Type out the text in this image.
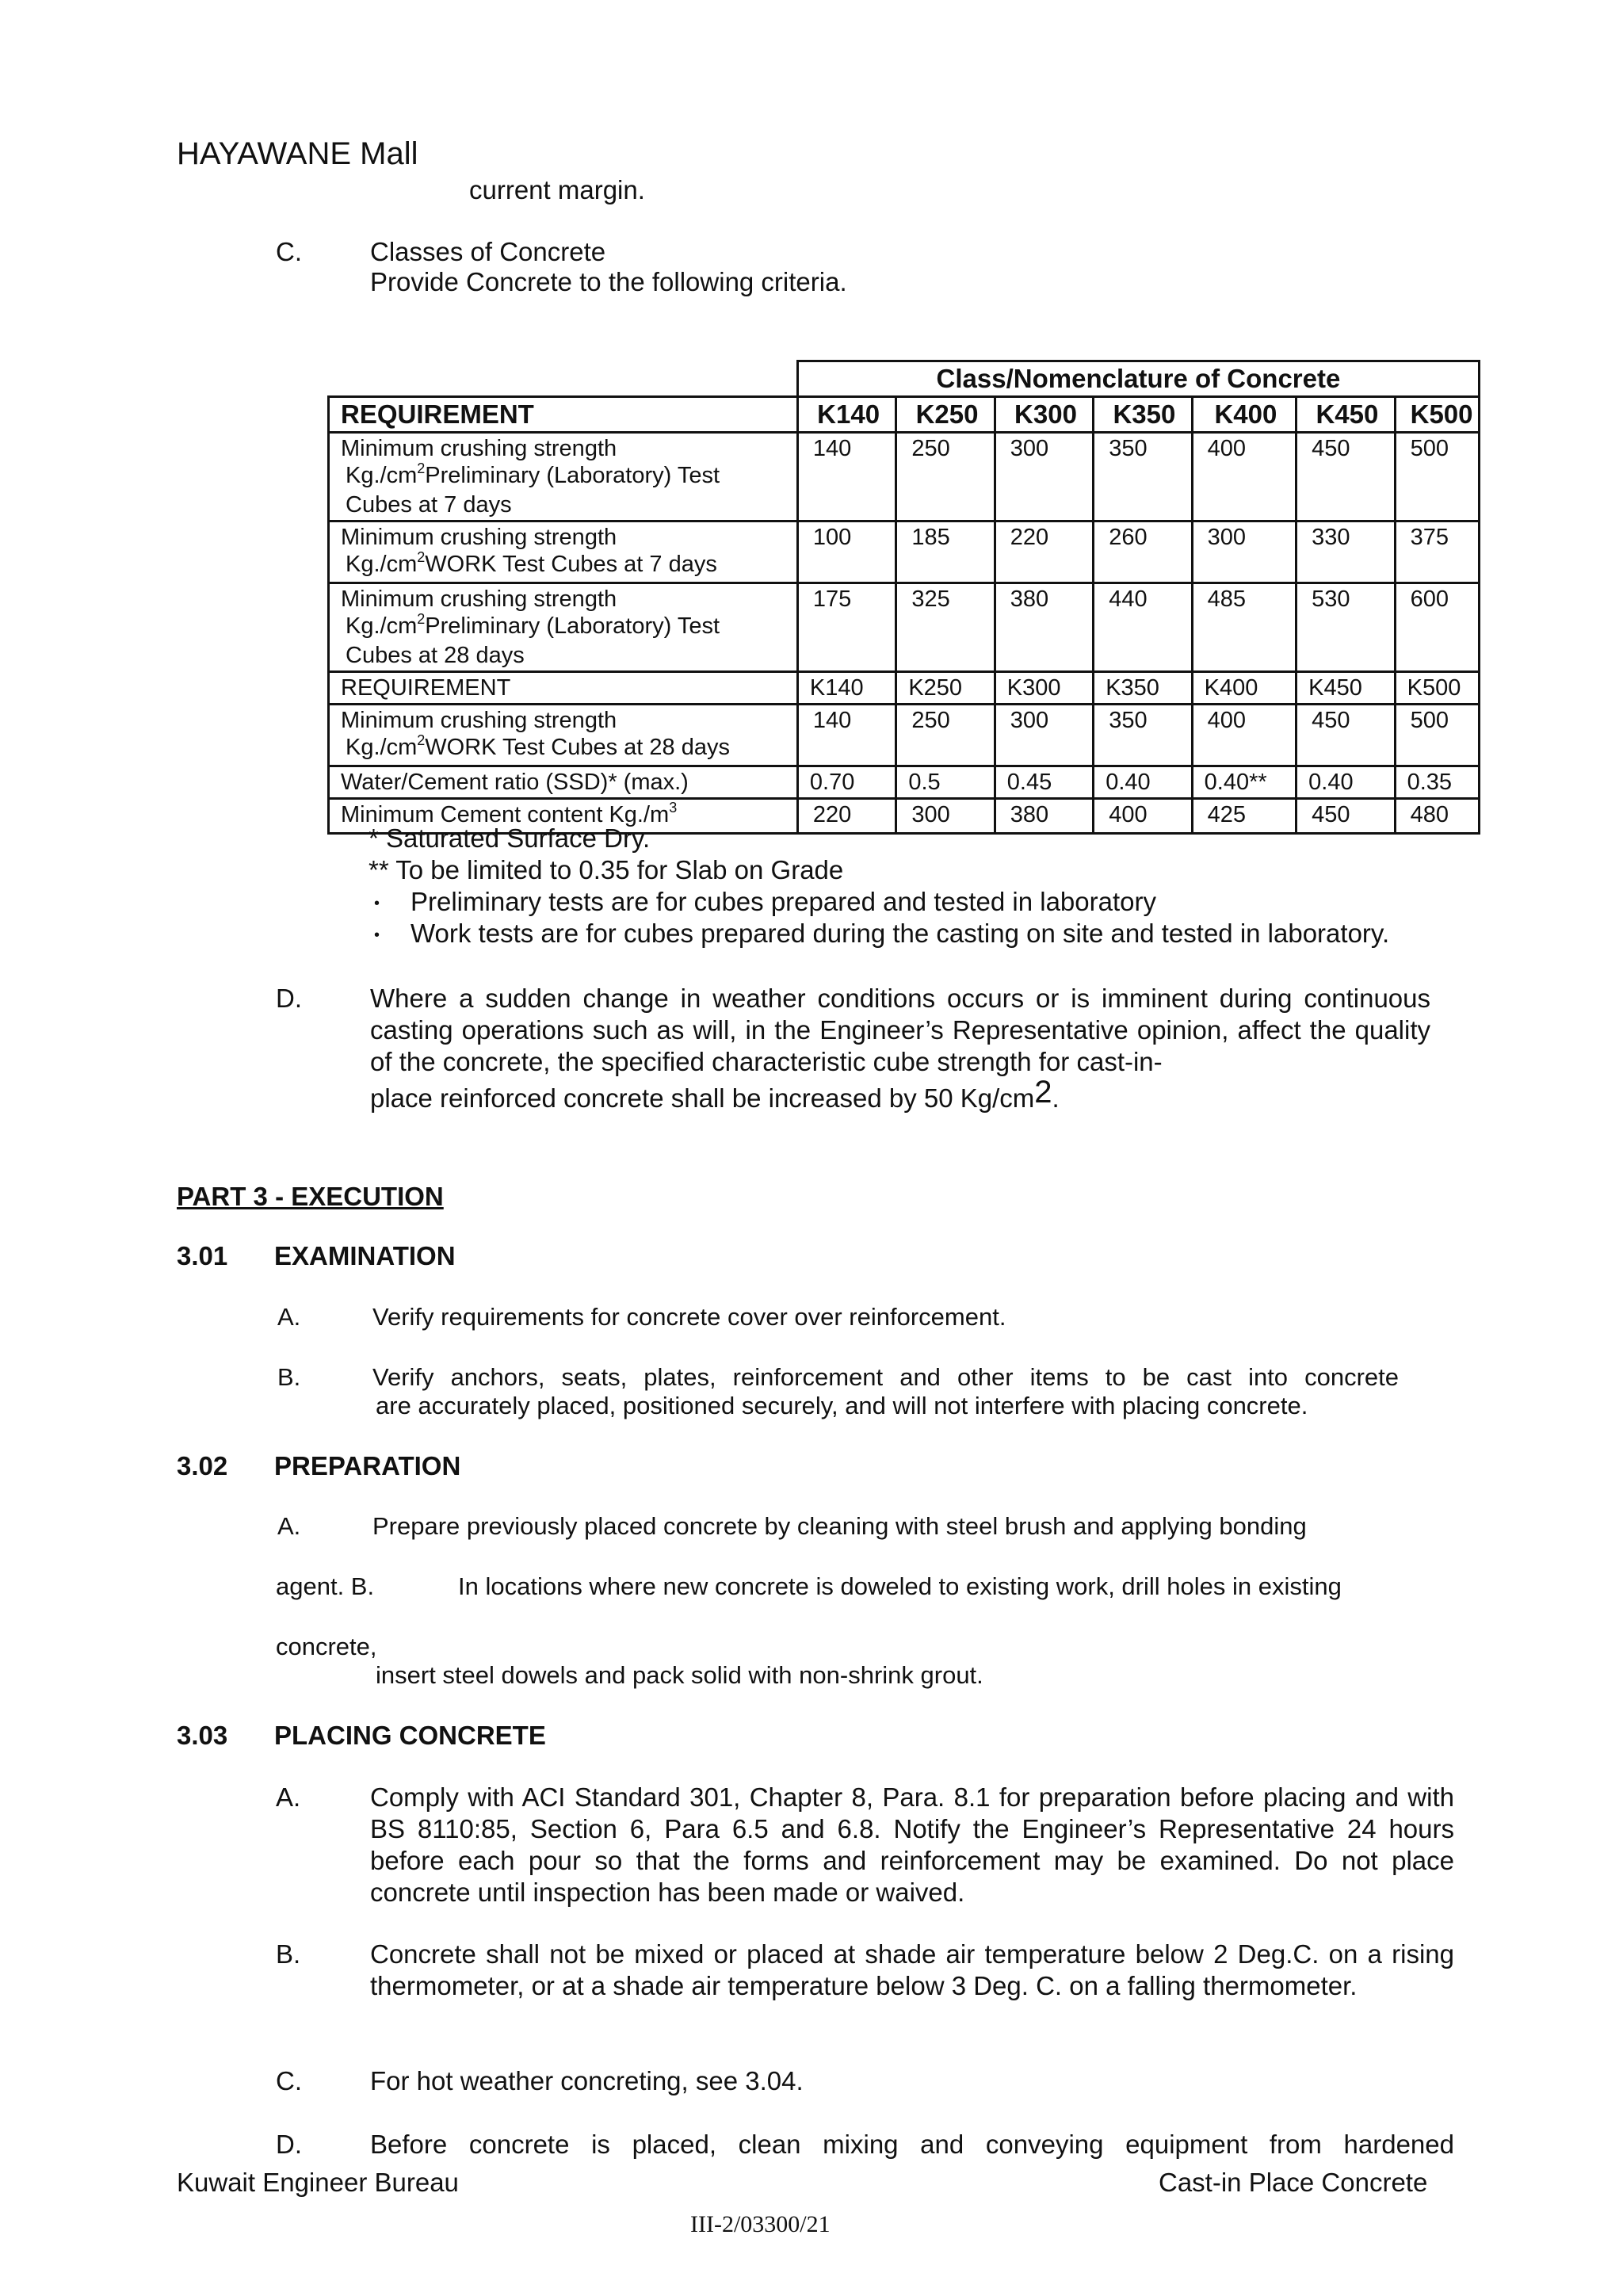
HAYAWANE Mall
current margin.
C.	Classes of Concrete
Provide Concrete to the following criteria.
	Class/Nomenclature of Concrete						
REQUIREMENT	K140	K250	K300	K350	K400	K450	K500

Minimum crushing strength
$Kg./cm^2Preliminary$ (Laboratory) Test Cubes at 7 days	140	250	300	350	400	450	500

Minimum crushing strength
$Kg./cm^2WORK$ Test Cubes at 7 days	100	185	220	260	300	330	375

Minimum crushing strength
$Kg./cm^2Preliminary$ (Laboratory) Test Cubes at 28 days	175	325	380	440	485	530	600
REQUIREMENT	K140	K250	K300	K350	K400	K450	K500

Minimum crushing strength
$Kg./cm^2WORK$ Test Cubes at 28 days	140	250	300	350	400	450	500
Water/Cement ratio (SSD)* (max.)	0.70	0.5	0.45	0.40	0.40**	0.40	0.35
Minimum Cement content $Kg./m^3$	220	300	380	400	425	450	480
* Saturated Surface Dry.
** To be limited to 0.35 for Slab on Grade
• Preliminary tests are for cubes prepared and tested in laboratory
• Work tests are for cubes prepared during the casting on site and tested in laboratory.
D.	Where a sudden change in weather conditions occurs or is imminent during continuous casting operations such as will, in the Engineer’s Representative opinion, affect the quality of the concrete, the specified characteristic cube strength for cast-in-
place reinforced concrete shall be increased by 50 Kg/cm2.
PART 3 - EXECUTION
3.01 EXAMINATION
A.	Verify requirements for concrete cover over reinforcement.
B.	Verify anchors, seats, plates, reinforcement and other items to be cast into concrete
are accurately placed, positioned securely, and will not interfere with placing concrete.
3.02 PREPARATION
A.	Prepare previously placed concrete by cleaning with steel brush and applying bonding
agent. B.	In locations where new concrete is doweled to existing work, drill holes in existing
concrete,
insert steel dowels and pack solid with non-shrink grout.
3.03 PLACING CONCRETE
A.	Comply with ACI Standard 301, Chapter 8, Para. 8.1 for preparation before placing and with BS 8110:85, Section 6, Para 6.5 and 6.8. Notify the Engineer’s Representative 24 hours before each pour so that the forms and reinforcement may be examined. Do not place concrete until inspection has been made or waived.
B.	Concrete shall not be mixed or placed at shade air temperature below 2 Deg.C. on a rising thermometer, or at a shade air temperature below 3 Deg. C. on a falling thermometer.
C.	For hot weather concreting, see 3.04.
D.	Before concrete is placed, clean mixing and conveying equipment from hardened
Kuwait Engineer Bureau	Cast-in Place Concrete
III-2/03300/21
